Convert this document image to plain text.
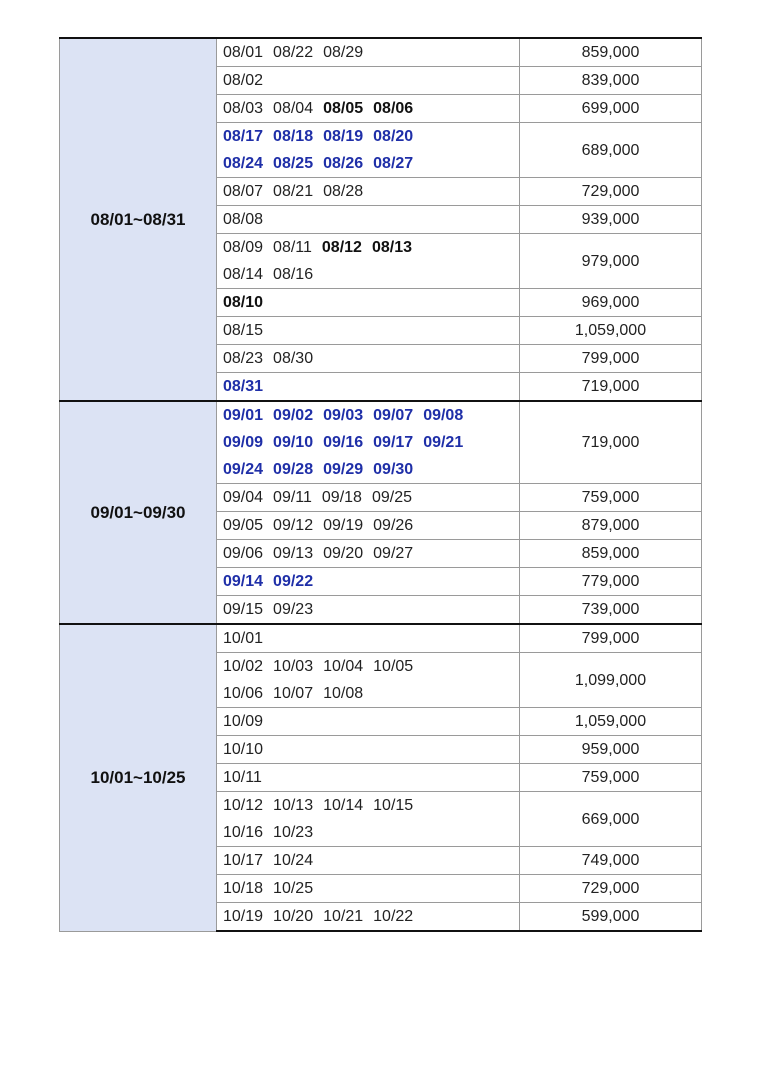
08/01~08/31	08/01 08/22 08/29	859,000

	08/02	839,000

	08/03 08/04 08/05 08/06	699,000

	08/17 08/18 08/19 08/20
08/24 08/25 08/26 08/27	689,000

	08/07 08/21 08/28	729,000

	08/08	939,000

	08/09 08/11 08/12 08/13
08/14 08/16	979,000

	08/10	969,000

	08/15	1,059,000

	08/23 08/30	799,000

	08/31	719,000
09/01~09/30	09/01 09/02 09/03 09/07 09/08
09/09 09/10 09/16 09/17 09/21
09/24 09/28 09/29 09/30	719,000

	09/04 09/11 09/18 09/25	759,000

	09/05 09/12 09/19 09/26	879,000

	09/06 09/13 09/20 09/27	859,000

	09/14 09/22	779,000

	09/15 09/23	739,000
10/01~10/25	10/01	799,000

	10/02 10/03 10/04 10/05
10/06 10/07 10/08	1,099,000

	10/09	1,059,000

	10/10	959,000

	10/11	759,000

	10/12 10/13 10/14 10/15
10/16 10/23	669,000

	10/17 10/24	749,000

	10/18 10/25	729,000

	10/19 10/20 10/21 10/22	599,000
